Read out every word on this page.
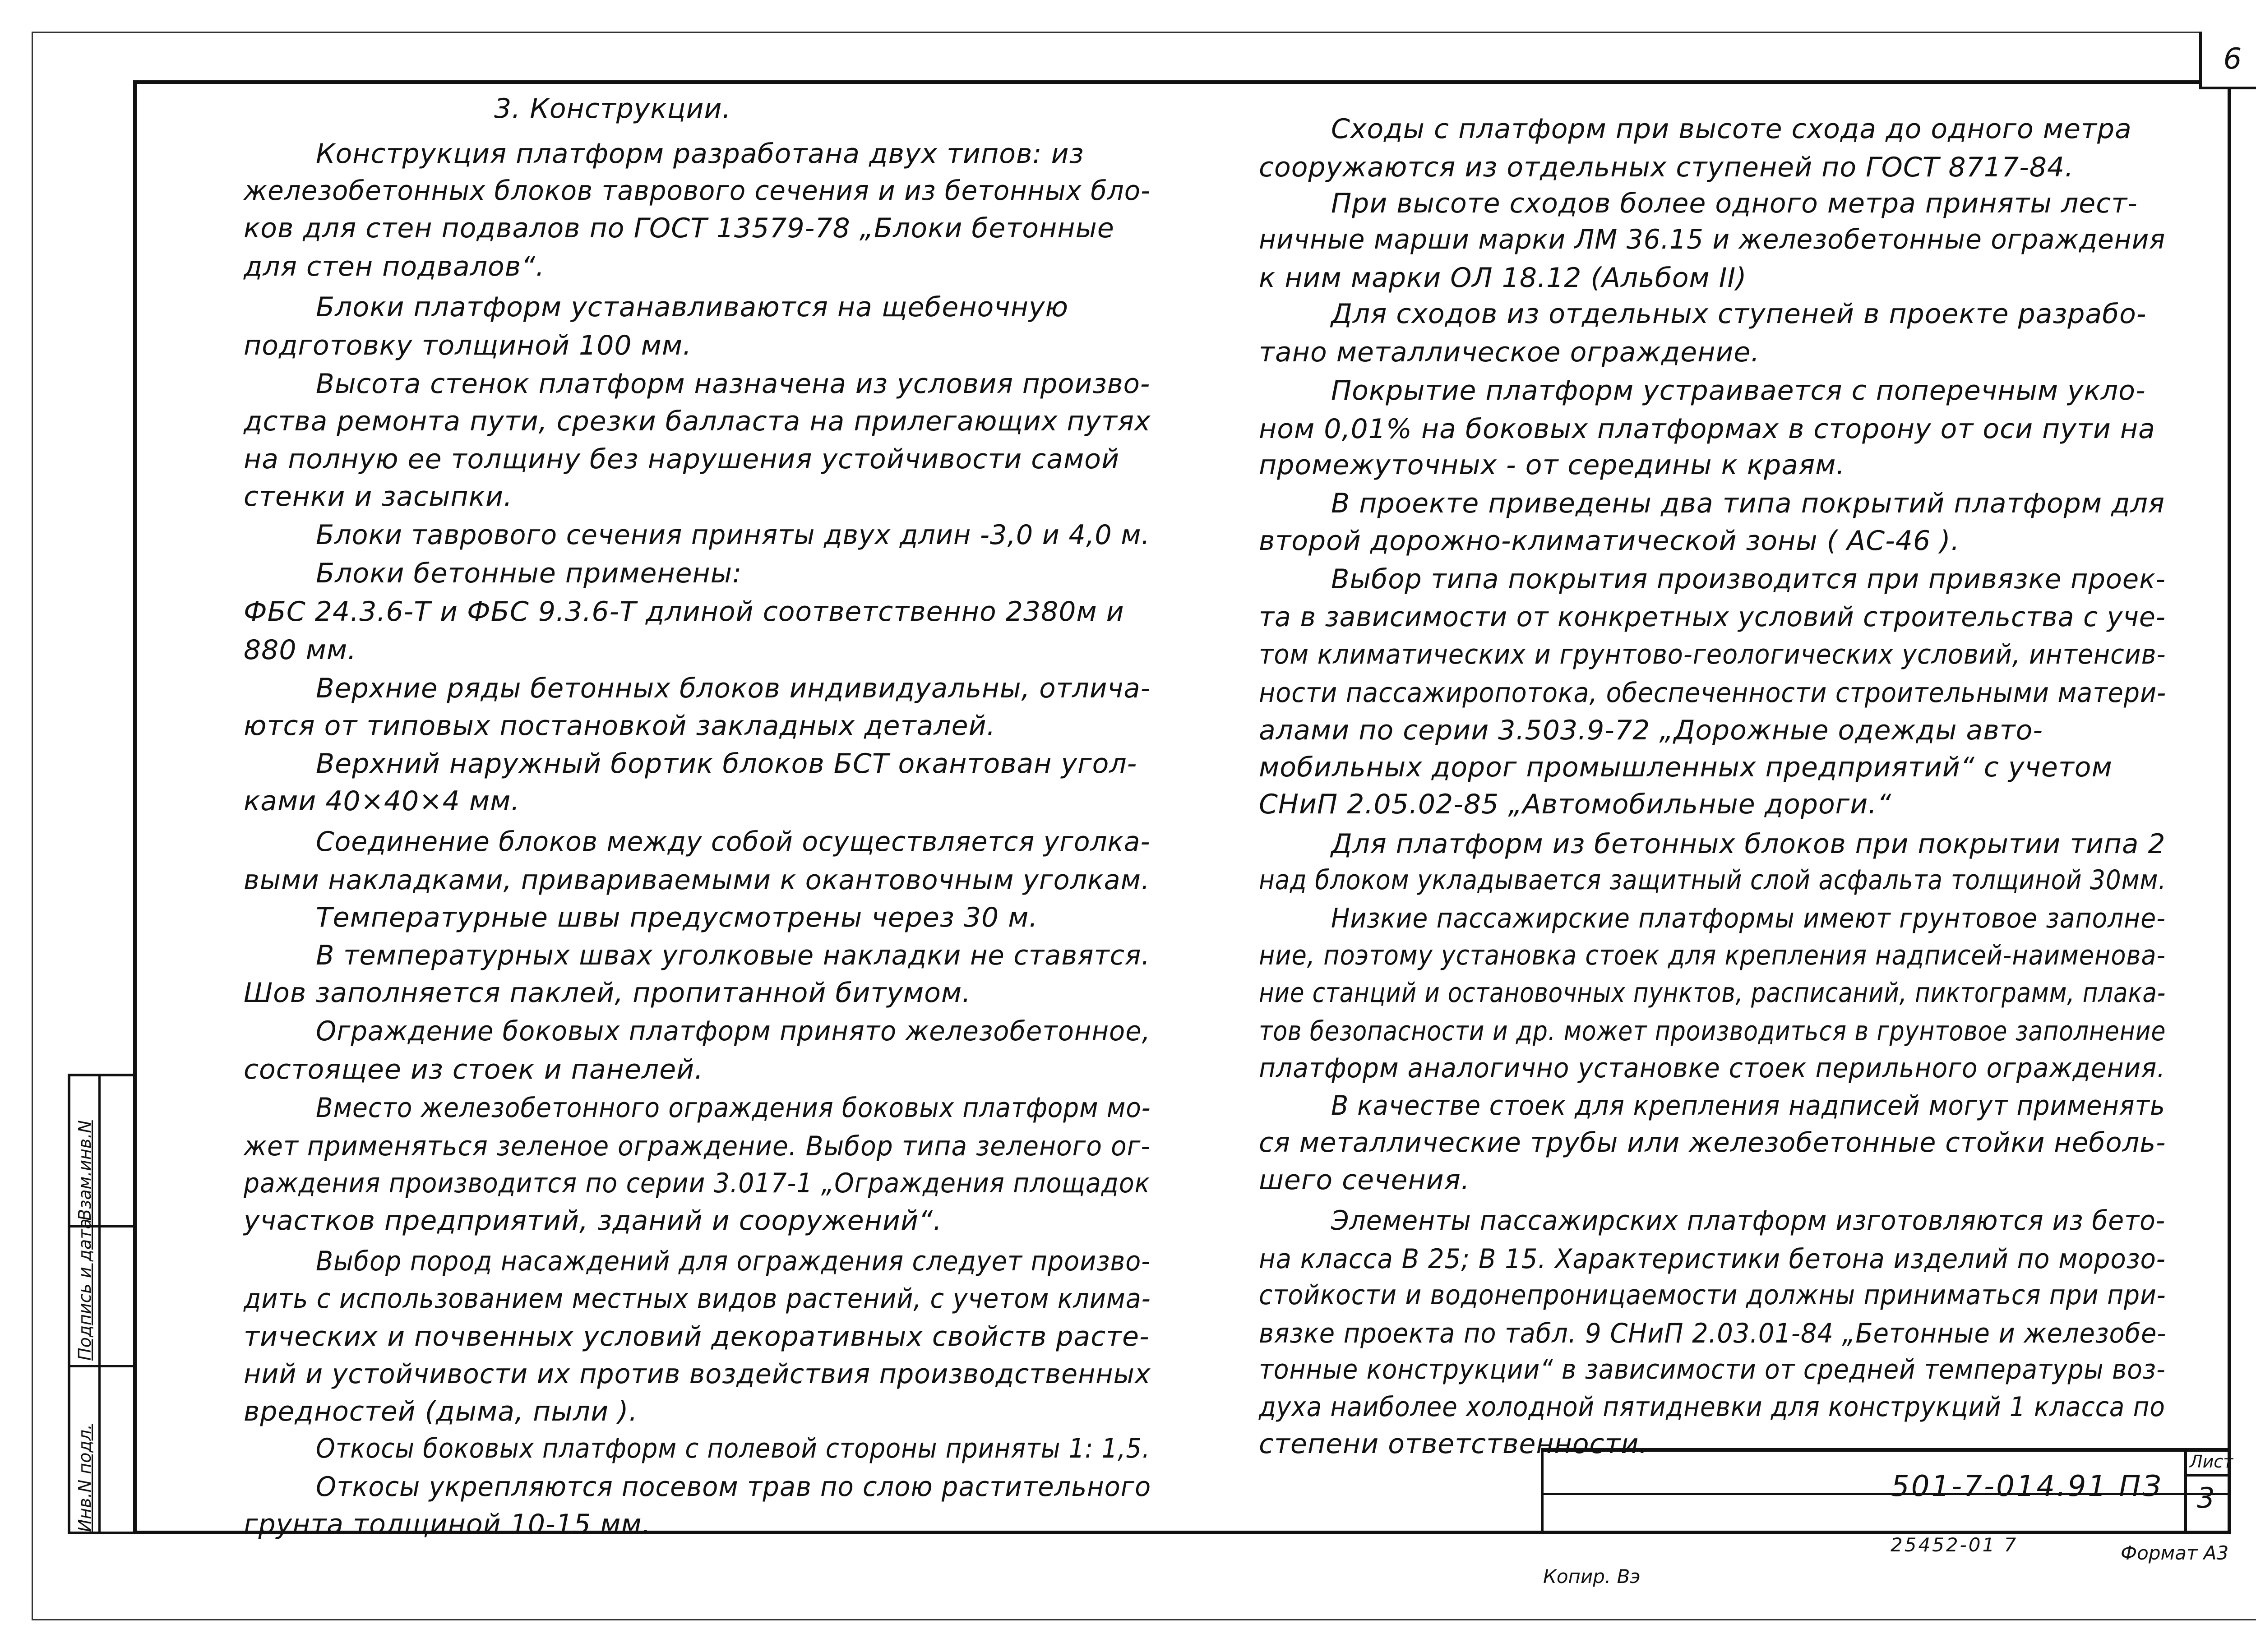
6
Инв.N подл.
Подпись и дата
Взам.инв.N
3. Конструкции.
Конструкция платформ разработана двух типов: из
железобетонных блоков таврового сечения и из бетонных бло-
ков для стен подвалов по ГОСТ 13579-78 „Блоки бетонные
для стен подвалов“.
Блоки платформ устанавливаются на щебеночную
подготовку толщиной 100 мм.
Высота стенок платформ назначена из условия произво-
дства ремонта пути, срезки балласта на прилегающих путях
на полную ее толщину без нарушения устойчивости самой
стенки и засыпки.
Блоки таврового сечения приняты двух длин -3,0 и 4,0 м.
Блоки бетонные применены:
ФБС 24.3.6-Т и ФБС 9.3.6-Т длиной соответственно 2380м и
880 мм.
Верхние ряды бетонных блоков индивидуальны, отлича-
ются от типовых постановкой закладных деталей.
Верхний наружный бортик блоков БСТ окантован угол-
ками 40×40×4 мм.
Соединение блоков между собой осуществляется уголка-
выми накладками, привариваемыми к окантовочным уголкам.
Температурные швы предусмотрены через 30 м.
В температурных швах уголковые накладки не ставятся.
Шов заполняется паклей, пропитанной битумом.
Ограждение боковых платформ принято железобетонное,
состоящее из стоек и панелей.
Вместо железобетонного ограждения боковых платформ мо-
жет применяться зеленое ограждение. Выбор типа зеленого ог-
раждения производится по серии 3.017-1 „Ограждения площадок
участков предприятий, зданий и сооружений“.
Выбор пород насаждений для ограждения следует произво-
дить с использованием местных видов растений, с учетом клима-
тических и почвенных условий декоративных свойств расте-
ний и устойчивости их против воздействия производственных
вредностей (дыма, пыли ).
Откосы боковых платформ с полевой стороны приняты 1: 1,5.
Откосы укрепляются посевом трав по слою растительного
грунта толщиной 10-15 мм.
Сходы с платформ при высоте схода до одного метра
сооружаются из отдельных ступеней по ГОСТ 8717-84.
При высоте сходов более одного метра приняты лест-
ничные марши марки ЛМ 36.15 и железобетонные ограждения
к ним марки ОЛ 18.12 (Альбом II)
Для сходов из отдельных ступеней в проекте разрабо-
тано металлическое ограждение.
Покрытие платформ устраивается с поперечным укло-
ном 0,01% на боковых платформах в сторону от оси пути на
промежуточных - от середины к краям.
В проекте приведены два типа покрытий платформ для
второй дорожно-климатической зоны ( АС-46 ).
Выбор типа покрытия производится при привязке проек-
та в зависимости от конкретных условий строительства с уче-
том климатических и грунтово-геологических условий, интенсив-
ности пассажиропотока, обеспеченности строительными матери-
алами по серии 3.503.9-72 „Дорожные одежды авто-
мобильных дорог промышленных предприятий“ с учетом
СНиП 2.05.02-85 „Автомобильные дороги.“
Для платформ из бетонных блоков при покрытии типа 2
над блоком укладывается защитный слой асфальта толщиной 30мм.
Низкие пассажирские платформы имеют грунтовое заполне-
ние, поэтому установка стоек для крепления надписей-наименова-
ние станций и остановочных пунктов, расписаний, пиктограмм, плака-
тов безопасности и др. может производиться в грунтовое заполнение
платформ аналогично установке стоек перильного ограждения.
В качестве стоек для крепления надписей могут применять
ся металлические трубы или железобетонные стойки неболь-
шего сечения.
Элементы пассажирских платформ изготовляются из бето-
на класса В 25; В 15. Характеристики бетона изделий по морозо-
стойкости и водонепроницаемости должны приниматься при при-
вязке проекта по табл. 9 СНиП 2.03.01-84 „Бетонные и железобе-
тонные конструкции“ в зависимости от средней температуры воз-
духа наиболее холодной пятидневки для конструкций 1 класса по
степени ответственности.
501-7-014.91 ПЗ
Лист
3
Копир. Вэ
25452-01 7	Формат А3
